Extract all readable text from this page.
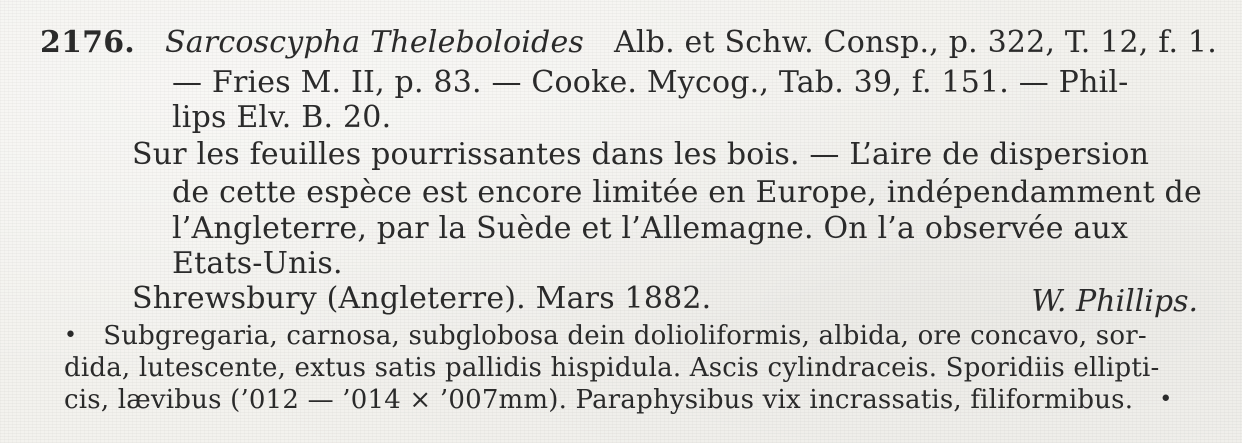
2176. Sarcoscypha Theleboloides Alb. et Schw. Consp., p. 322, T. 12, f. 1.
— Fries M. II, p. 83. — Cooke. Mycog., Tab. 39, f. 151. — Phil-
lips Elv. B. 20.
Sur les feuilles pourrissantes dans les bois. — L’aire de dispersion
de cette espèce est encore limitée en Europe, indépendamment de
l’Angleterre, par la Suède et l’Allemagne. On l’a observée aux
Etats-Unis.
Shrewsbury (Angleterre). Mars 1882.	W. Phillips.
• Subgregaria, carnosa, subglobosa dein dolioliformis, albida, ore concavo, sor-
dida, lutescente, extus satis pallidis hispidula. Ascis cylindraceis. Sporidiis ellipti-
cis, lævibus (’012 — ’014 × ’007mm). Paraphysibus vix incrassatis, filiformibus. •
